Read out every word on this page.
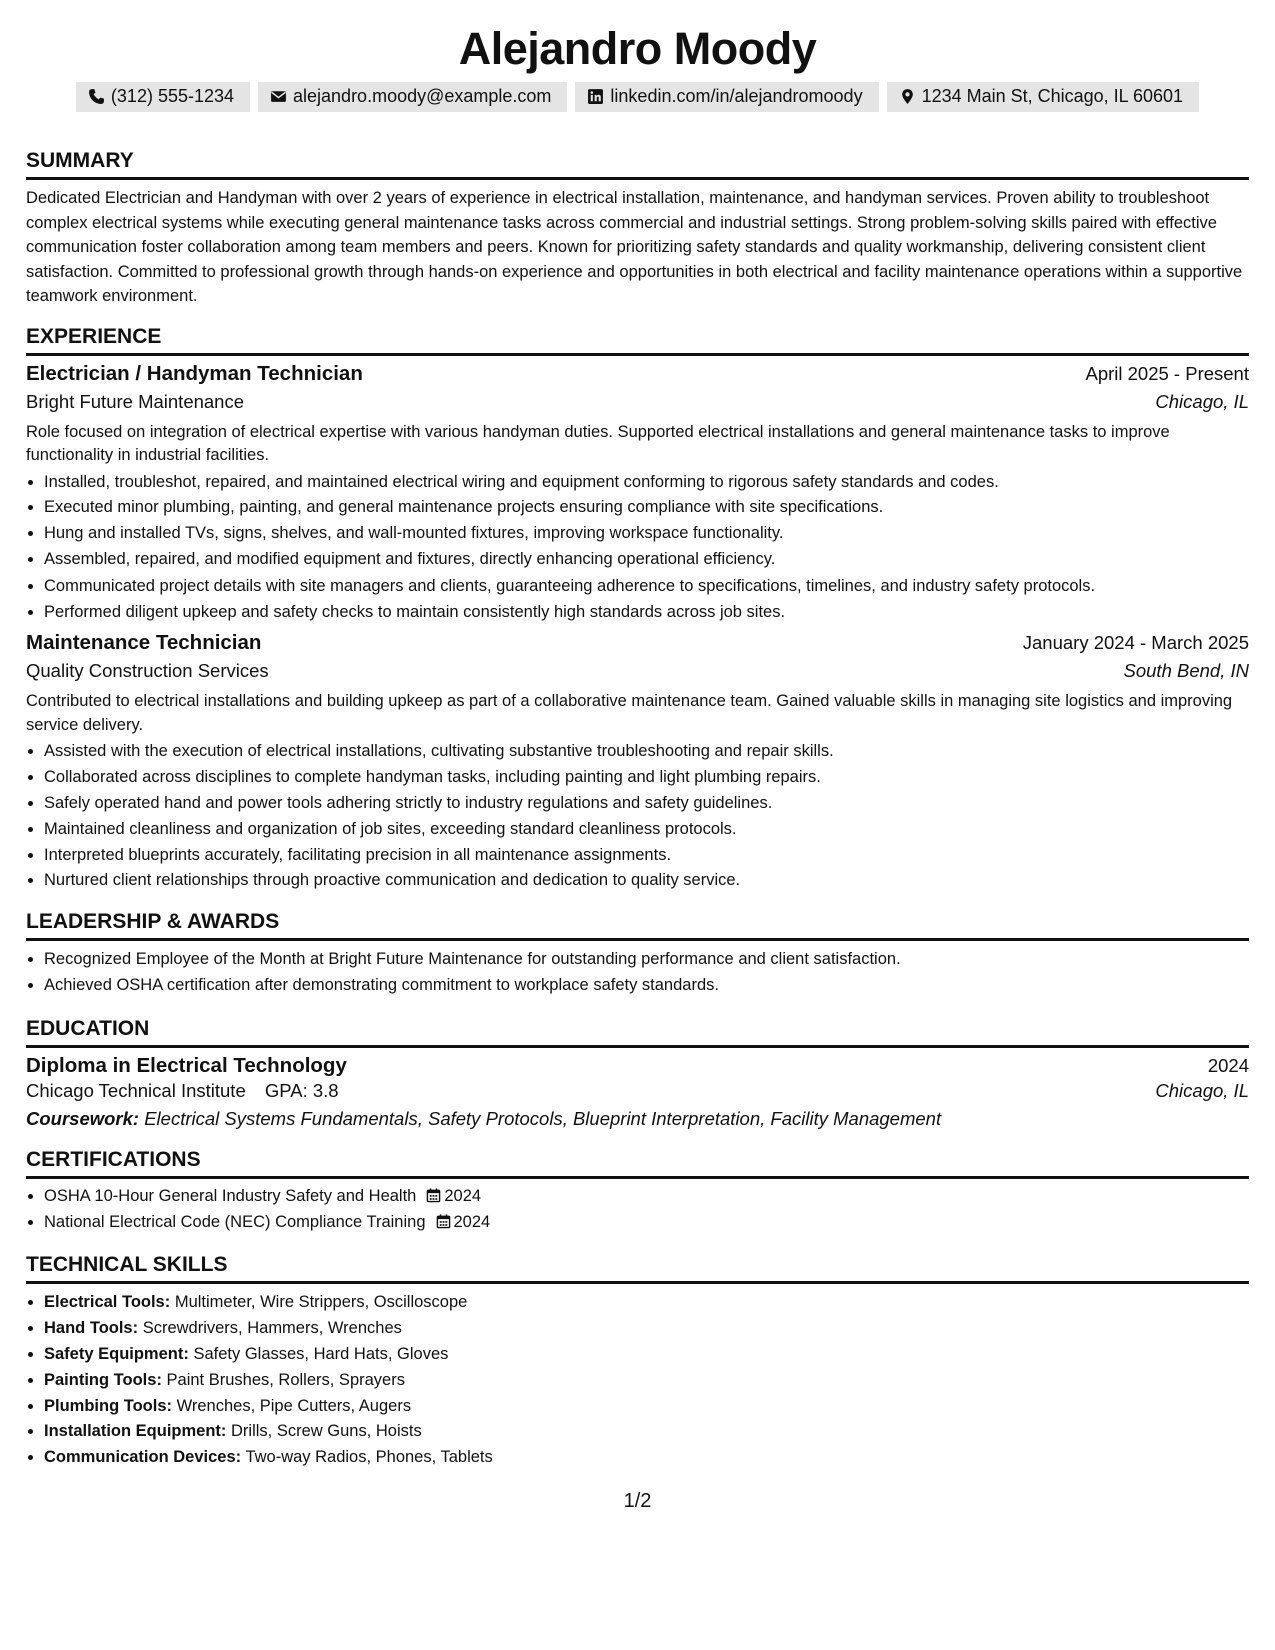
Alejandro Moody
(312) 555-1234	alejandro.moody@example.com	linkedin.com/in/alejandromoody	1234 Main St, Chicago, IL 60601
SUMMARY

Dedicated Electrician and Handyman with over 2 years of experience in electrical installation, maintenance, and handyman services. Proven ability to troubleshoot complex electrical systems while executing general maintenance tasks across commercial and industrial settings. Strong problem-solving skills paired with effective communication foster collaboration among team members and peers. Known for prioritizing safety standards and quality workmanship, delivering consistent client satisfaction. Committed to professional growth through hands-on experience and opportunities in both electrical and facility maintenance operations within a supportive teamwork environment.

EXPERIENCE
Electrician / Handyman Technician	April 2025 - Present
Bright Future Maintenance	Chicago, IL

Role focused on integration of electrical expertise with various handyman duties. Supported electrical installations and general maintenance tasks to improve functionality in industrial facilities.

• Installed, troubleshot, repaired, and maintained electrical wiring and equipment conforming to rigorous safety standards and codes.
• Executed minor plumbing, painting, and general maintenance projects ensuring compliance with site specifications.
• Hung and installed TVs, signs, shelves, and wall-mounted fixtures, improving workspace functionality.
• Assembled, repaired, and modified equipment and fixtures, directly enhancing operational efficiency.
• Communicated project details with site managers and clients, guaranteeing adherence to specifications, timelines, and industry safety protocols.
• Performed diligent upkeep and safety checks to maintain consistently high standards across job sites.
Maintenance Technician	January 2024 - March 2025
Quality Construction Services	South Bend, IN

Contributed to electrical installations and building upkeep as part of a collaborative maintenance team. Gained valuable skills in managing site logistics and improving service delivery.

• Assisted with the execution of electrical installations, cultivating substantive troubleshooting and repair skills.
• Collaborated across disciplines to complete handyman tasks, including painting and light plumbing repairs.
• Safely operated hand and power tools adhering strictly to industry regulations and safety guidelines.
• Maintained cleanliness and organization of job sites, exceeding standard cleanliness protocols.
• Interpreted blueprints accurately, facilitating precision in all maintenance assignments.
• Nurtured client relationships through proactive communication and dedication to quality service.
LEADERSHIP & AWARDS
• Recognized Employee of the Month at Bright Future Maintenance for outstanding performance and client satisfaction.
• Achieved OSHA certification after demonstrating commitment to workplace safety standards.
EDUCATION
Diploma in Electrical Technology	2024
Chicago Technical Institute GPA: 3.8	Chicago, IL
Coursework: Electrical Systems Fundamentals, Safety Protocols, Blueprint Interpretation, Facility Management
CERTIFICATIONS
• OSHA 10-Hour General Industry Safety and Health 2024
• National Electrical Code (NEC) Compliance Training 2024
TECHNICAL SKILLS
• Electrical Tools: Multimeter, Wire Strippers, Oscilloscope
• Hand Tools: Screwdrivers, Hammers, Wrenches
• Safety Equipment: Safety Glasses, Hard Hats, Gloves
• Painting Tools: Paint Brushes, Rollers, Sprayers
• Plumbing Tools: Wrenches, Pipe Cutters, Augers
• Installation Equipment: Drills, Screw Guns, Hoists
• Communication Devices: Two-way Radios, Phones, Tablets
1/2
